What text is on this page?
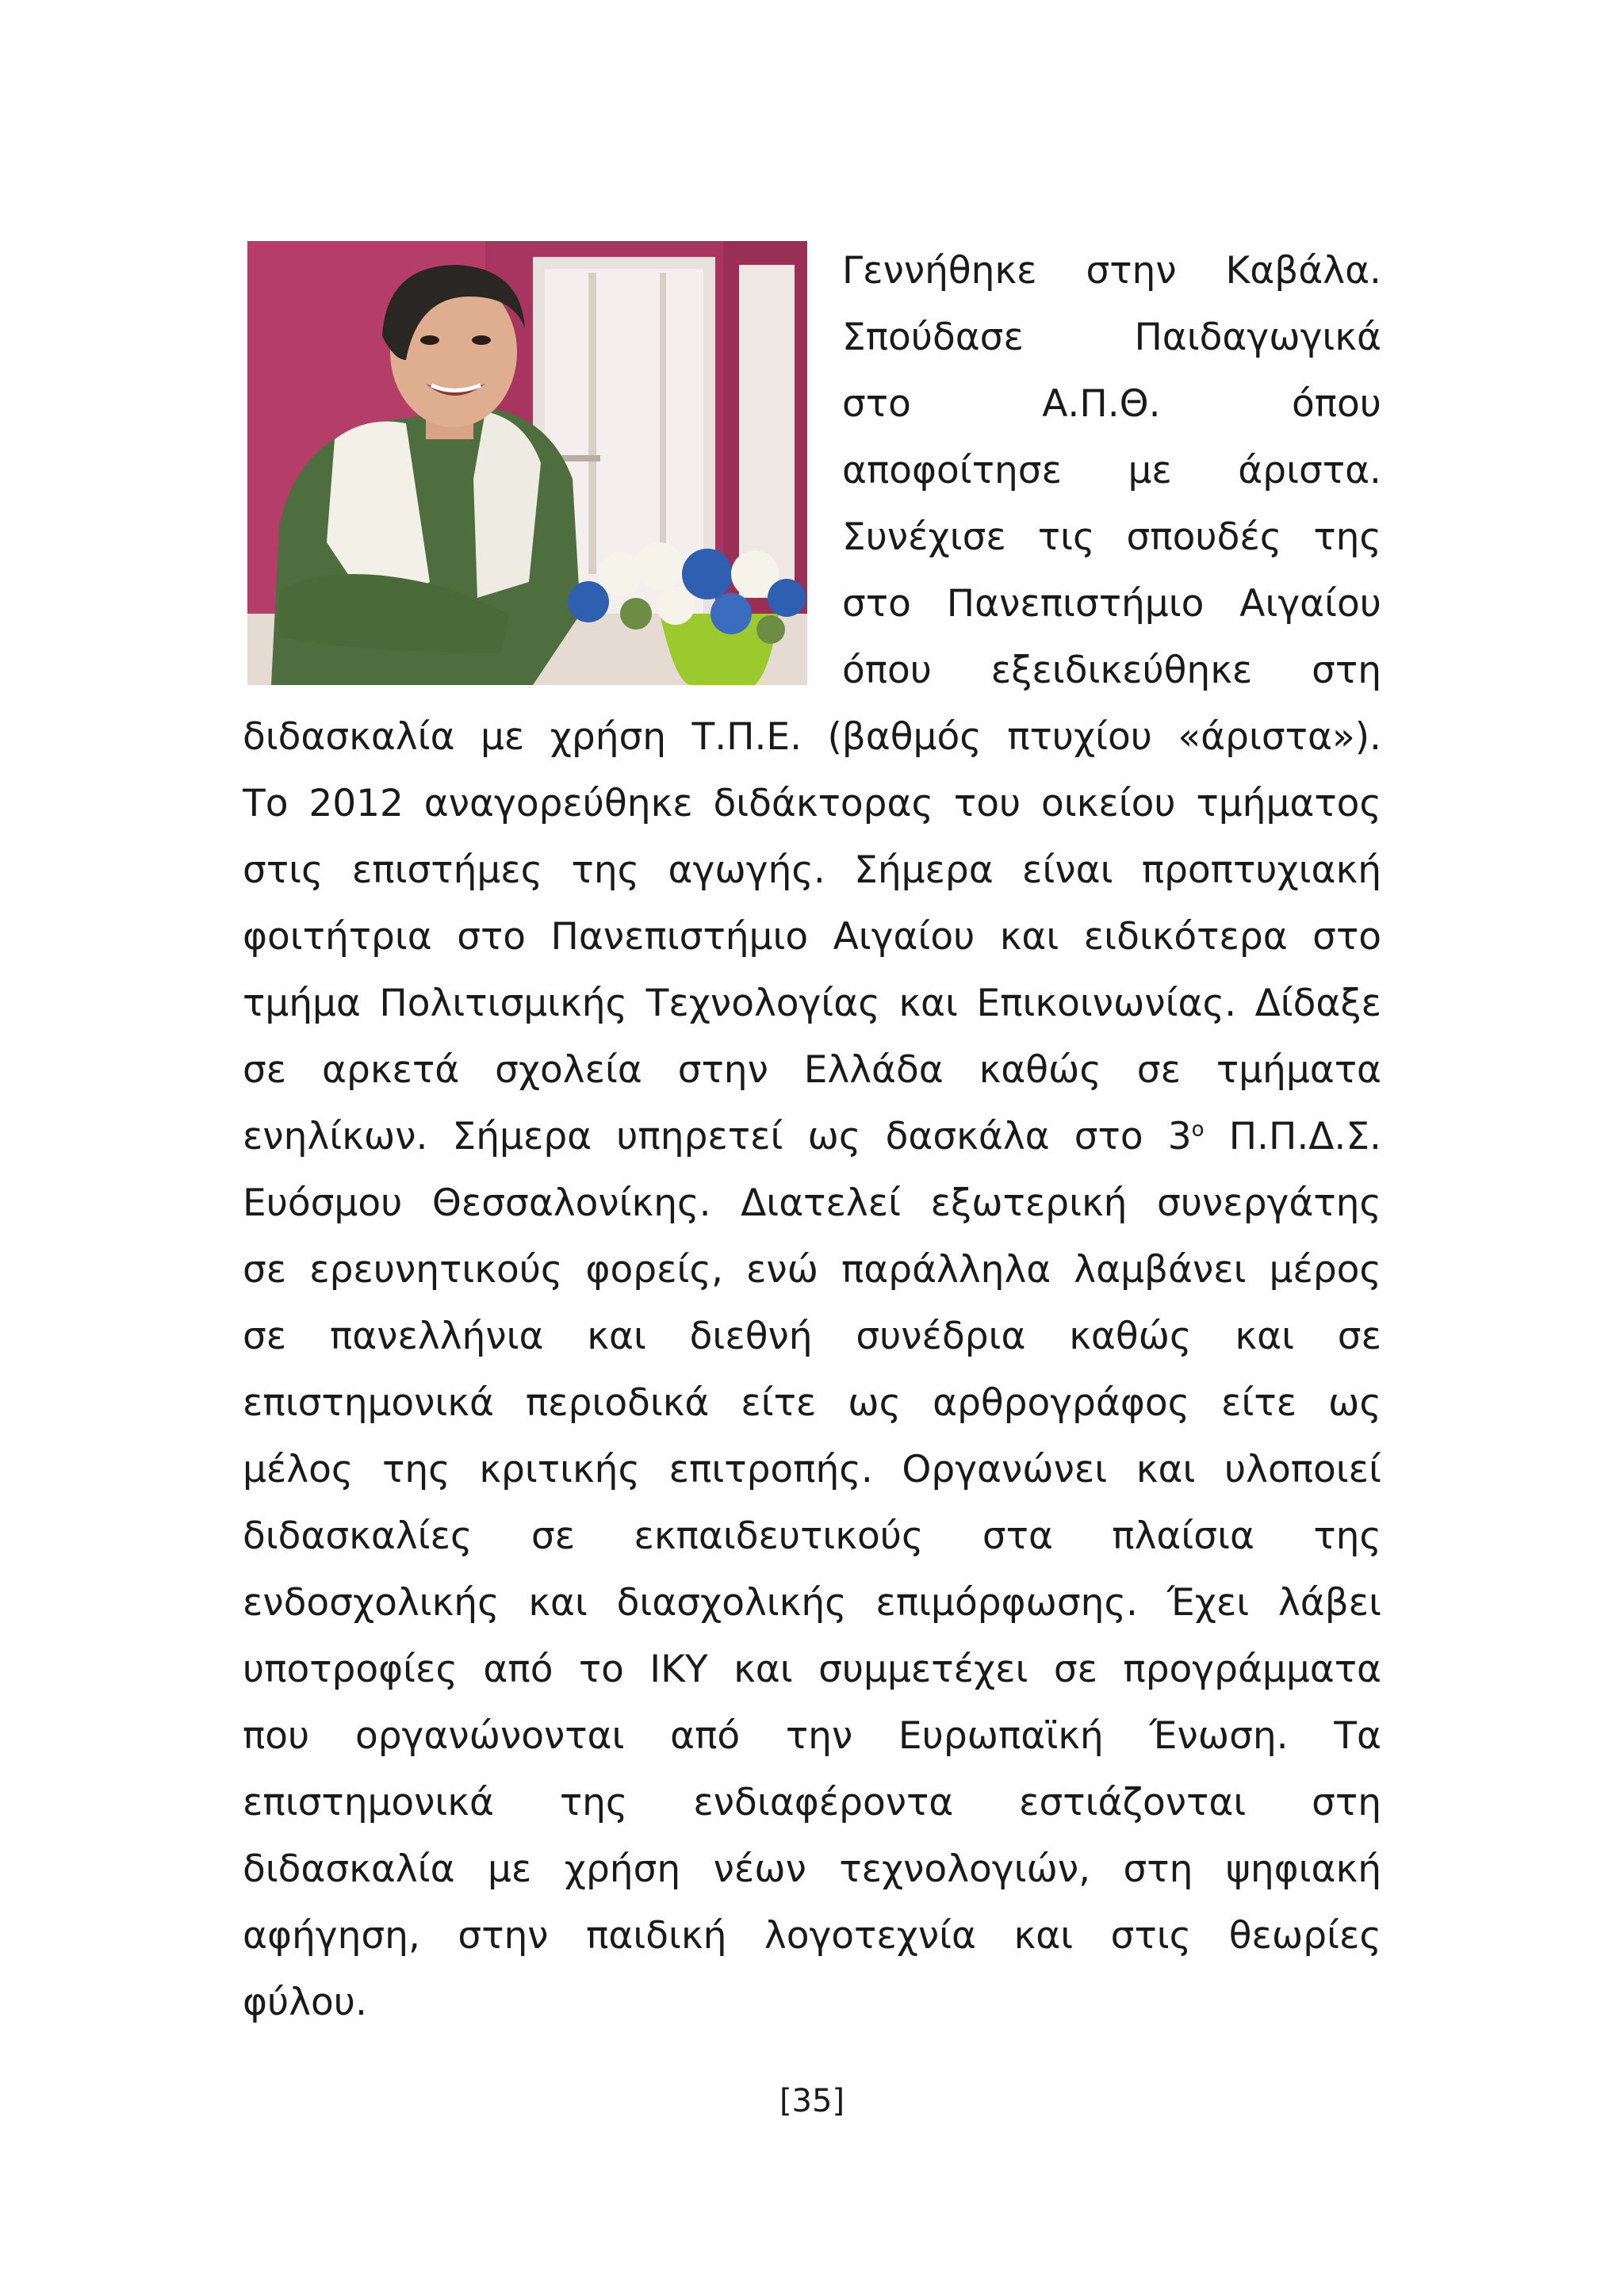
Γεννήθηκε στην Καβάλα.
Σπούδασε Παιδαγωγικά
στο Α.Π.Θ. όπου
αποφοίτησε με άριστα.
Συνέχισε τις σπουδές της
στο Πανεπιστήμιο Αιγαίου
όπου εξειδικεύθηκε στη
διδασκαλία με χρήση Τ.Π.Ε. (βαθμός πτυχίου «άριστα»).
Το 2012 αναγορεύθηκε διδάκτορας του οικείου τμήματος
στις επιστήμες της αγωγής. Σήμερα είναι προπτυχιακή
φοιτήτρια στο Πανεπιστήμιο Αιγαίου και ειδικότερα στο
τμήμα Πολιτισμικής Τεχνολογίας και Επικοινωνίας. Δίδαξε
σε αρκετά σχολεία στην Ελλάδα καθώς σε τμήματα
ενηλίκων. Σήμερα υπηρετεί ως δασκάλα στο $3^o$ Π.Π.Δ.Σ.
Ευόσμου Θεσσαλονίκης. Διατελεί εξωτερική συνεργάτης
σε ερευνητικούς φορείς, ενώ παράλληλα λαμβάνει μέρος
σε πανελλήνια και διεθνή συνέδρια καθώς και σε
επιστημονικά περιοδικά είτε ως αρθρογράφος είτε ως
μέλος της κριτικής επιτροπής. Οργανώνει και υλοποιεί
διδασκαλίες σε εκπαιδευτικούς στα πλαίσια της
ενδοσχολικής και διασχολικής επιμόρφωσης. Έχει λάβει
υποτροφίες από το ΙΚΥ και συμμετέχει σε προγράμματα
που οργανώνονται από την Ευρωπαϊκή Ένωση. Τα
επιστημονικά της ενδιαφέροντα εστιάζονται στη
διδασκαλία με χρήση νέων τεχνολογιών, στη ψηφιακή
αφήγηση, στην παιδική λογοτεχνία και στις θεωρίες
φύλου.
[35]
